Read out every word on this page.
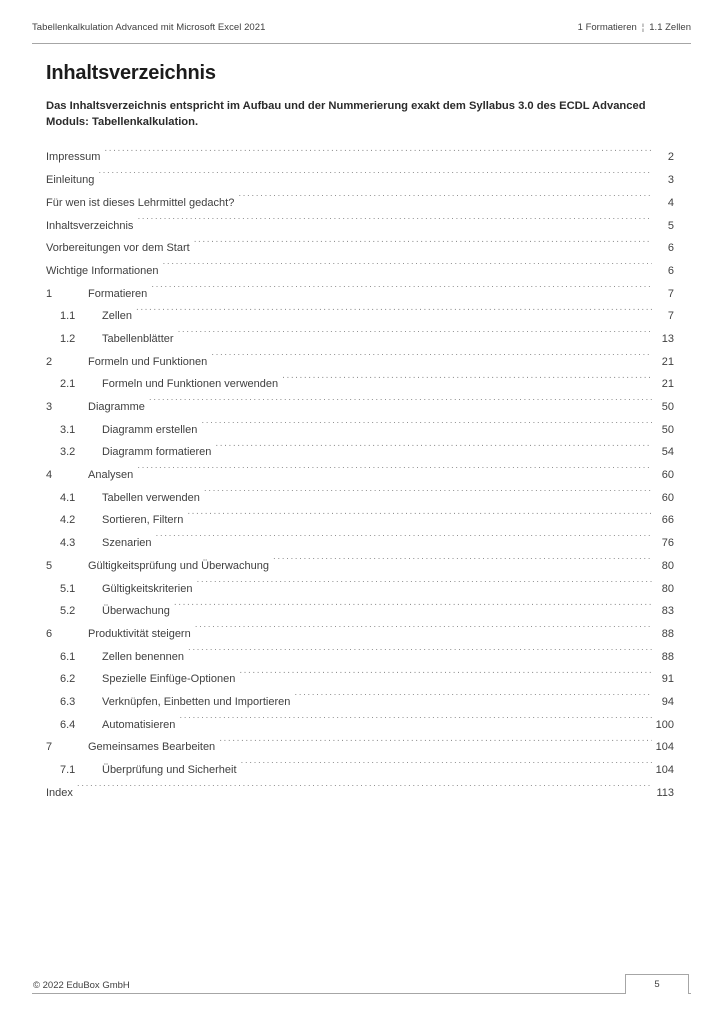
Tabellenkalkulation Advanced mit Microsoft Excel 2021	1 Formatieren ¦ 1.1 Zellen
Inhaltsverzeichnis

Das Inhaltsverzeichnis entspricht im Aufbau und der Nummerierung exakt dem Syllabus 3.0 des ECDL Advanced Moduls: Tabellenkalkulation.

Impressum . . .	2
Einleitung . . .	3
Für wen ist dieses Lehrmittel gedacht? . . .	4
Inhaltsverzeichnis . . .	5
Vorbereitungen vor dem Start . . .	6
Wichtige Informationen . . .	6
1	Formatieren . . .	7
1.1	Zellen . . .	7
1.2	Tabellenblätter . . .	13
2	Formeln und Funktionen . . .	21
2.1	Formeln und Funktionen verwenden . . .	21
3	Diagramme . . .	50
3.1	Diagramm erstellen . . .	50
3.2	Diagramm formatieren . . .	54
4	Analysen . . .	60
4.1	Tabellen verwenden . . .	60
4.2	Sortieren, Filtern . . .	66
4.3	Szenarien . . .	76
5	Gültigkeitsprüfung und Überwachung . . .	80
5.1	Gültigkeitskriterien . . .	80
5.2	Überwachung . . .	83
6	Produktivität steigern . . .	88
6.1	Zellen benennen . . .	88
6.2	Spezielle Einfüge-Optionen . . .	91
6.3	Verknüpfen, Einbetten und Importieren . . .	94
6.4	Automatisieren . . .	100
7	Gemeinsames Bearbeiten . . .	104
7.1	Überprüfung und Sicherheit . . .	104
Index . . .	113
© 2022 EduBox GmbH	5
